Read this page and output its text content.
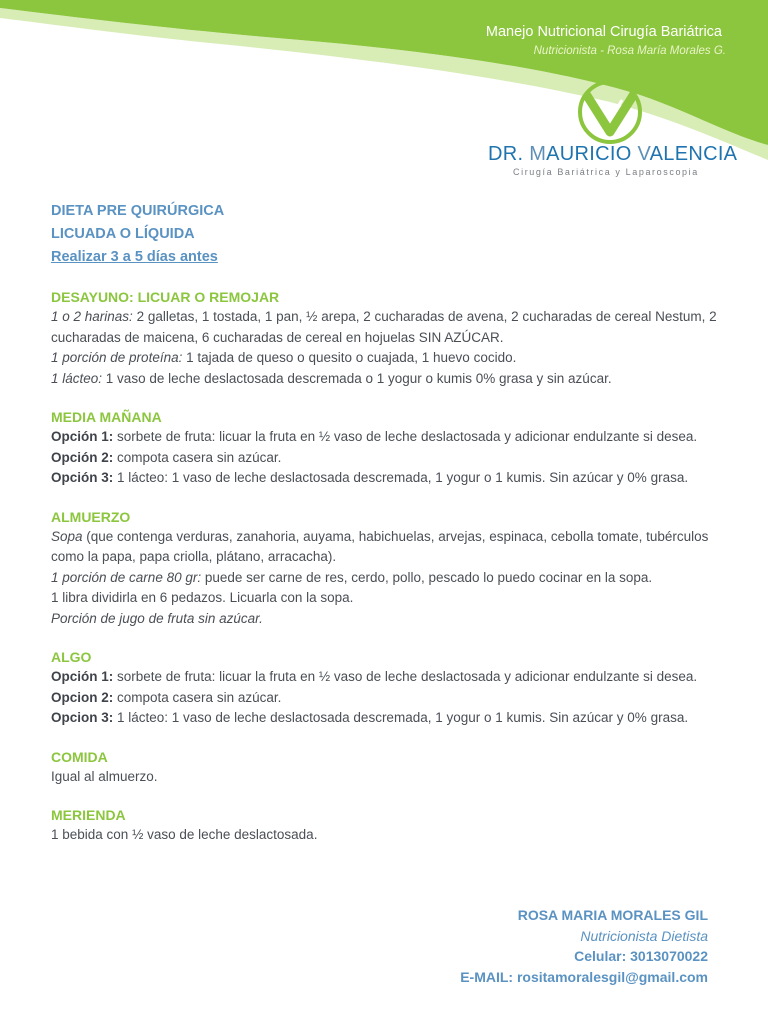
Manejo Nutricional Cirugía Bariátrica
Nutricionista - Rosa María Morales G.
DR. MAURICIO VALENCIA
Cirugía Bariátrica y Laparoscopia
DIETA PRE QUIRÚRGICA
LICUADA O LÍQUIDA
Realizar 3 a 5 días antes
DESAYUNO: LICUAR O REMOJAR
1 o 2 harinas: 2 galletas, 1 tostada, 1 pan, ½ arepa, 2 cucharadas de avena, 2 cucharadas de cereal Nestum, 2 cucharadas de maicena, 6 cucharadas de cereal en hojuelas SIN AZÚCAR.
1 porción de proteína: 1 tajada de queso o quesito o cuajada, 1 huevo cocido.
1 lácteo: 1 vaso de leche deslactosada descremada o 1 yogur o kumis 0% grasa y sin azúcar.
MEDIA MAÑANA
Opción 1: sorbete de fruta: licuar la fruta en ½ vaso de leche deslactosada y adicionar endulzante si desea.
Opción 2: compota casera sin azúcar.
Opción 3: 1 lácteo: 1 vaso de leche deslactosada descremada, 1 yogur o 1 kumis. Sin azúcar y 0% grasa.
ALMUERZO
Sopa (que contenga verduras, zanahoria, auyama, habichuelas, arvejas, espinaca, cebolla tomate, tubérculos como la papa, papa criolla, plátano, arracacha).
1 porción de carne 80 gr: puede ser carne de res, cerdo, pollo, pescado lo puedo cocinar en la sopa.
1 libra dividirla en 6 pedazos. Licuarla con la sopa.
Porción de jugo de fruta sin azúcar.
ALGO
Opción 1: sorbete de fruta: licuar la fruta en ½ vaso de leche deslactosada y adicionar endulzante si desea.
Opcion 2: compota casera sin azúcar.
Opcion 3: 1 lácteo: 1 vaso de leche deslactosada descremada, 1 yogur o 1 kumis. Sin azúcar y 0% grasa.
COMIDA
Igual al almuerzo.
MERIENDA
1 bebida con ½ vaso de leche deslactosada.
ROSA MARIA MORALES GIL
Nutricionista Dietista
Celular: 3013070022
E-MAIL: rositamoralesgil@gmail.com
